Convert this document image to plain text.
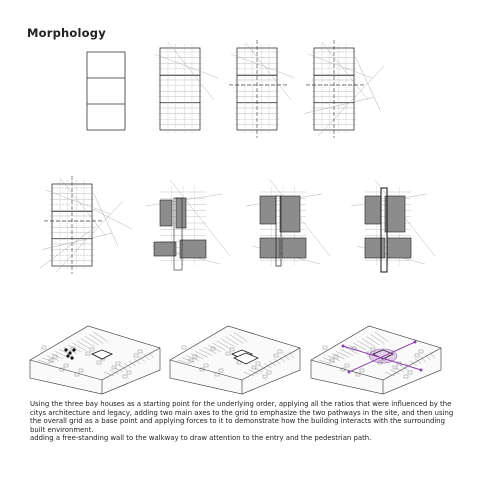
Morphology

Using the three bay houses as a starting point for the underlying order, applying all the ratios that were influenced by the citys architecture and legacy, adding two main axes to the grid to emphasize the two pathways in the site, and then using the overall grid as a base point and applying forces to it to demonstrate how the building interacts with the surrounding built environment.

adding a free-standing wall to the walkway to draw attention to the entry and the pedestrian path.
